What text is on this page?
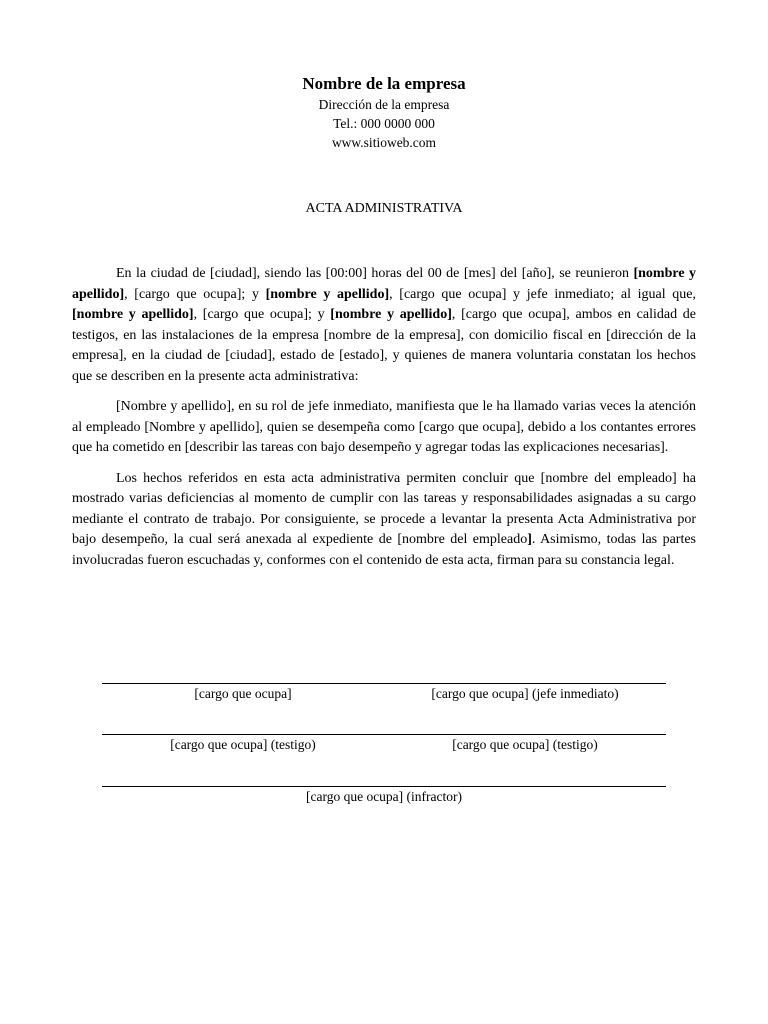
Nombre de la empresa
Dirección de la empresa
Tel.: 000 0000 000
www.sitioweb.com
ACTA ADMINISTRATIVA

En la ciudad de [ciudad], siendo las [00:00] horas del 00 de [mes] del [año], se reunieron [nombre y apellido], [cargo que ocupa]; y [nombre y apellido], [cargo que ocupa] y jefe inmediato; al igual que, [nombre y apellido], [cargo que ocupa]; y [nombre y apellido], [cargo que ocupa], ambos en calidad de testigos, en las instalaciones de la empresa [nombre de la empresa], con domicilio fiscal en [dirección de la empresa], en la ciudad de [ciudad], estado de [estado], y quienes de manera voluntaria constatan los hechos que se describen en la presente acta administrativa:

[Nombre y apellido], en su rol de jefe inmediato, manifiesta que le ha llamado varias veces la atención al empleado [Nombre y apellido], quien se desempeña como [cargo que ocupa], debido a los contantes errores que ha cometido en [describir las tareas con bajo desempeño y agregar todas las explicaciones necesarias].

Los hechos referidos en esta acta administrativa permiten concluir que [nombre del empleado] ha mostrado varias deficiencias al momento de cumplir con las tareas y responsabilidades asignadas a su cargo mediante el contrato de trabajo. Por consiguiente, se procede a levantar la presenta Acta Administrativa por bajo desempeño, la cual será anexada al expediente de [nombre del empleado]. Asimismo, todas las partes involucradas fueron escuchadas y, conformes con el contenido de esta acta, firman para su constancia legal.

[cargo que ocupa]	[cargo que ocupa] (jefe inmediato)
[cargo que ocupa] (testigo)	[cargo que ocupa] (testigo)
[cargo que ocupa] (infractor)
